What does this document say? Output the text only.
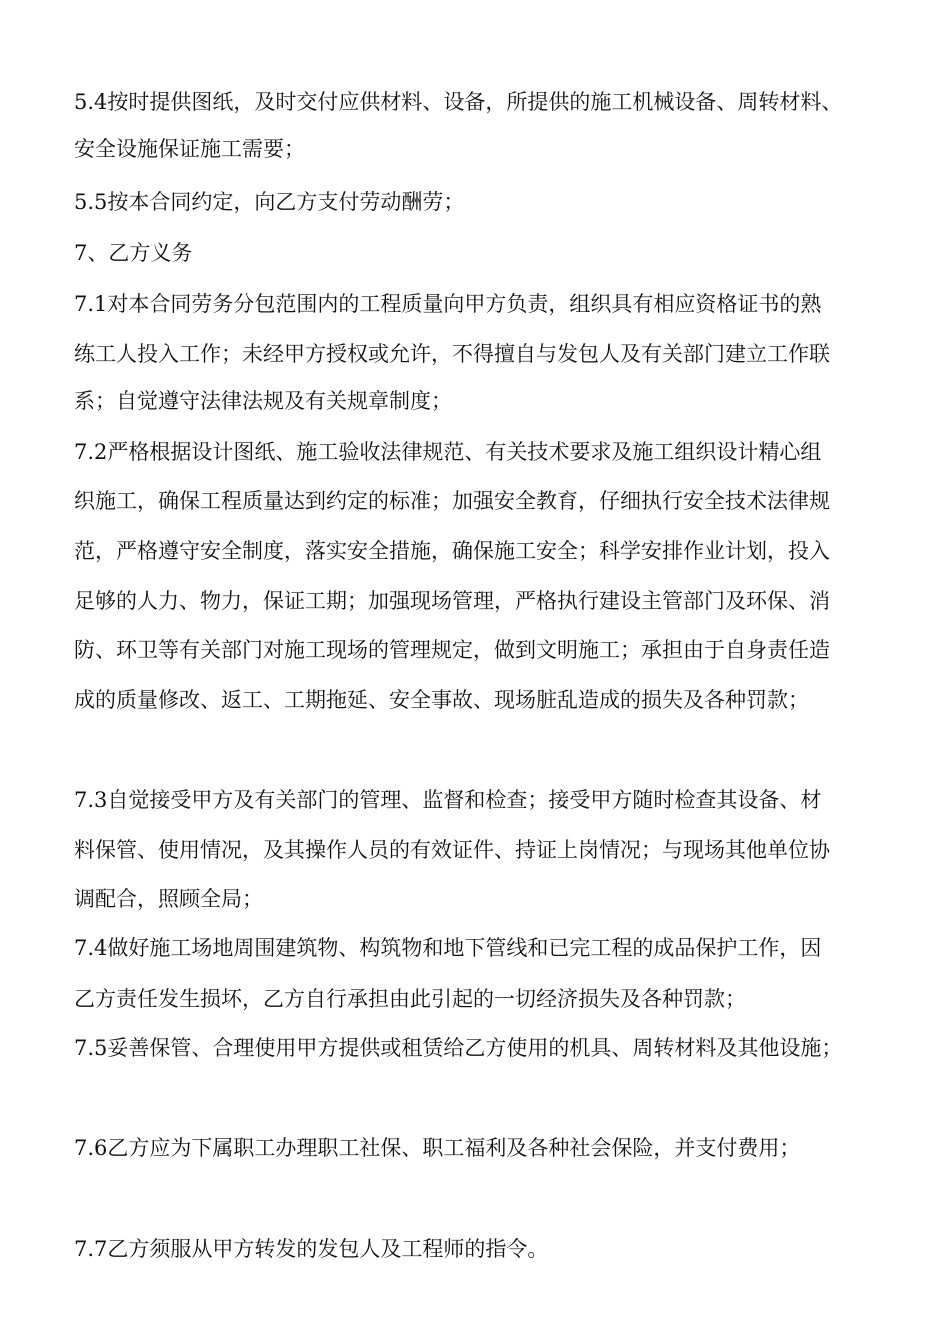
5.4按时提供图纸，及时交付应供材料、设备，所提供的施工机械设备、周转材料、
安全设施保证施工需要；
5.5按本合同约定，向乙方支付劳动酬劳；
7、乙方义务
7.1对本合同劳务分包范围内的工程质量向甲方负责，组织具有相应资格证书的熟
练工人投入工作；未经甲方授权或允许，不得擅自与发包人及有关部门建立工作联
系；自觉遵守法律法规及有关规章制度；
7.2严格根据设计图纸、施工验收法律规范、有关技术要求及施工组织设计精心组
织施工，确保工程质量达到约定的标准；加强安全教育，仔细执行安全技术法律规
范，严格遵守安全制度，落实安全措施，确保施工安全；科学安排作业计划，投入
足够的人力、物力，保证工期；加强现场管理，严格执行建设主管部门及环保、消
防、环卫等有关部门对施工现场的管理规定，做到文明施工；承担由于自身责任造
成的质量修改、返工、工期拖延、安全事故、现场脏乱造成的损失及各种罚款；
7.3自觉接受甲方及有关部门的管理、监督和检查；接受甲方随时检查其设备、材
料保管、使用情况，及其操作人员的有效证件、持证上岗情况；与现场其他单位协
调配合，照顾全局；
7.4做好施工场地周围建筑物、构筑物和地下管线和已完工程的成品保护工作，因
乙方责任发生损坏，乙方自行承担由此引起的一切经济损失及各种罚款；
7.5妥善保管、合理使用甲方提供或租赁给乙方使用的机具、周转材料及其他设施；
7.6乙方应为下属职工办理职工社保、职工福利及各种社会保险，并支付费用；
7.7乙方须服从甲方转发的发包人及工程师的指令。
